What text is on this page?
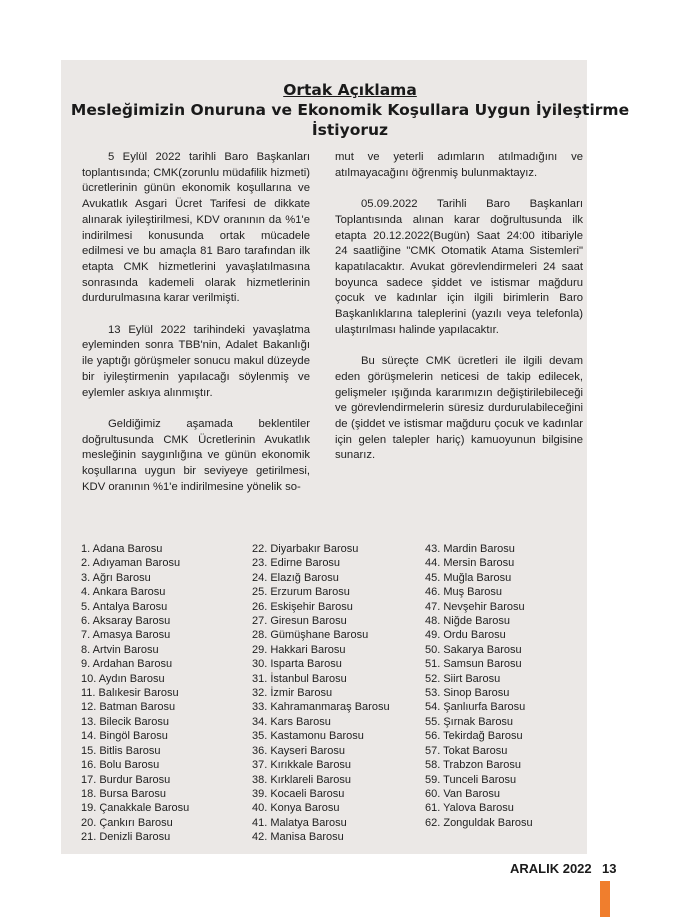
Ortak Açıklama
Mesleğimizin Onuruna ve Ekonomik Koşullara Uygun İyileştirme İstiyoruz

5 Eylül 2022 tarihli Baro Başkanları toplantısında; CMK(zorunlu müdafilik hizmeti) ücretlerinin günün ekonomik koşullarına ve Avukatlık Asgari Ücret Tarifesi de dikkate alınarak iyileştirilmesi, KDV oranının da %1'e indirilmesi konusunda ortak mücadele edilmesi ve bu amaçla 81 Baro tarafından ilk etapta CMK hizmetlerini yavaşlatılmasına sonrasında kademeli olarak hizmetlerinin durdurulmasına karar verilmişti.

13 Eylül 2022 tarihindeki yavaşlatma eyleminden sonra TBB'nin, Adalet Bakanlığı ile yaptığı görüşmeler sonucu makul düzeyde bir iyileştirmenin yapılacağı söylenmiş ve eylemler askıya alınmıştır.

Geldiğimiz aşamada beklentiler doğrultusunda CMK Ücretlerinin Avukatlık mesleğinin saygınlığına ve günün ekonomik koşullarına uygun bir seviyeye getirilmesi, KDV oranının %1'e indirilmesine yönelik so-

mut ve yeterli adımların atılmadığını ve atılmayacağını öğrenmiş bulunmaktayız.

05.09.2022 Tarihli Baro Başkanları Toplantısında alınan karar doğrultusunda ilk etapta 20.12.2022(Bugün) Saat 24:00 itibariyle 24 saatliğine "CMK Otomatik Atama Sistemleri" kapatılacaktır. Avukat görevlendirmeleri 24 saat boyunca sadece şiddet ve istismar mağduru çocuk ve kadınlar için ilgili birimlerin Baro Başkanlıklarına taleplerini (yazılı veya telefonla) ulaştırılması halinde yapılacaktır.

Bu süreçte CMK ücretleri ile ilgili devam eden görüşmelerin neticesi de takip edilecek, gelişmeler ışığında kararımızın değiştirilebileceği ve görevlendirmelerin süresiz durdurulabileceğini de (şiddet ve istismar mağduru çocuk ve kadınlar için gelen talepler hariç) kamuoyunun bilgisine sunarız.

1. Adana Barosu
2. Adıyaman Barosu
3. Ağrı Barosu
4. Ankara Barosu
5. Antalya Barosu
6. Aksaray Barosu
7. Amasya Barosu
8. Artvin Barosu
9. Ardahan Barosu
10. Aydın Barosu
11. Balıkesir Barosu
12. Batman Barosu
13. Bilecik Barosu
14. Bingöl Barosu
15. Bitlis Barosu
16. Bolu Barosu
17. Burdur Barosu
18. Bursa Barosu
19. Çanakkale Barosu
20. Çankırı Barosu
21. Denizli Barosu
22. Diyarbakır Barosu
23. Edirne Barosu
24. Elazığ Barosu
25. Erzurum Barosu
26. Eskişehir Barosu
27. Giresun Barosu
28. Gümüşhane Barosu
29. Hakkari Barosu
30. Isparta Barosu
31. İstanbul Barosu
32. İzmir Barosu
33. Kahramanmaraş Barosu
34. Kars Barosu
35. Kastamonu Barosu
36. Kayseri Barosu
37. Kırıkkale Barosu
38. Kırklareli Barosu
39. Kocaeli Barosu
40. Konya Barosu
41. Malatya Barosu
42. Manisa Barosu
43. Mardin Barosu
44. Mersin Barosu
45. Muğla Barosu
46. Muş Barosu
47. Nevşehir Barosu
48. Niğde Barosu
49. Ordu Barosu
50. Sakarya Barosu
51. Samsun Barosu
52. Siirt Barosu
53. Sinop Barosu
54. Şanlıurfa Barosu
55. Şırnak Barosu
56. Tekirdağ Barosu
57. Tokat Barosu
58. Trabzon Barosu
59. Tunceli Barosu
60. Van Barosu
61. Yalova Barosu
62. Zonguldak Barosu
ARALIK 2022 13
